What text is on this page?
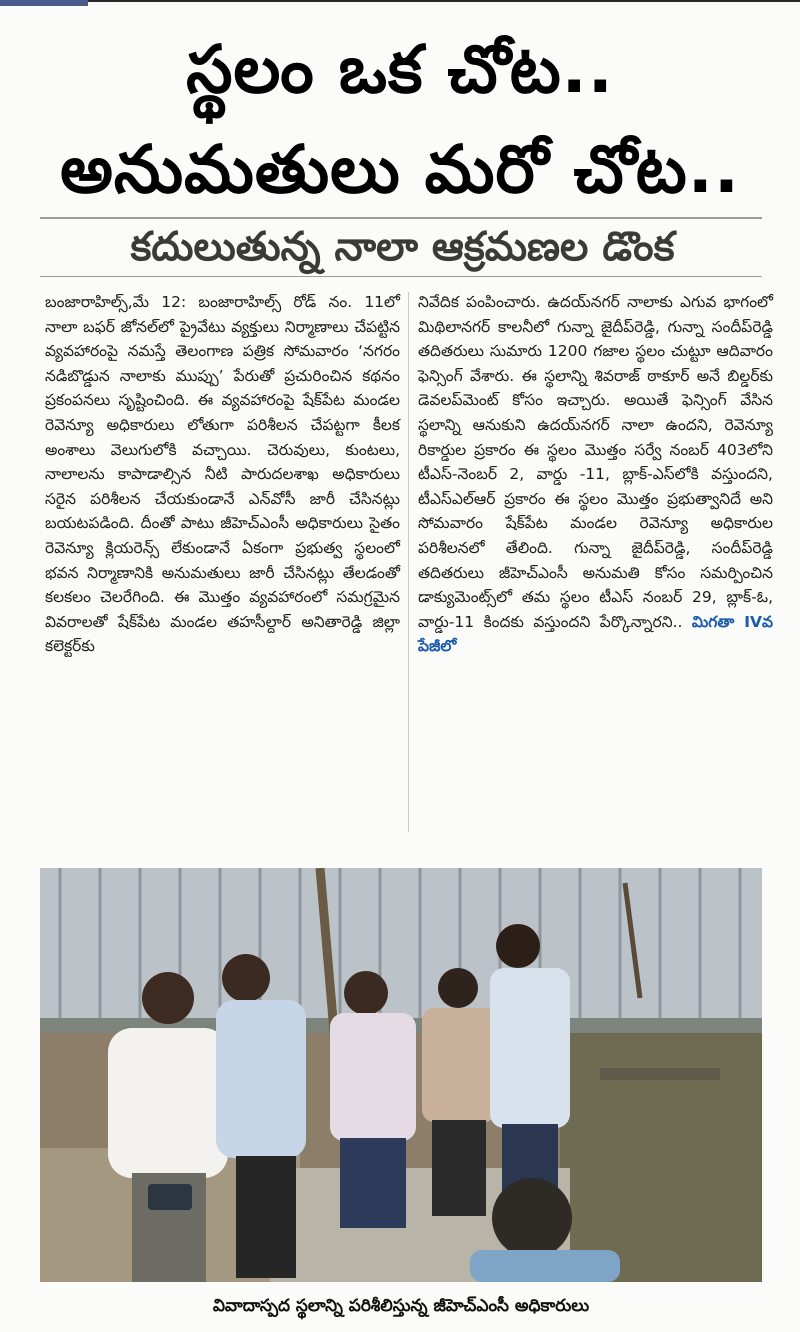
స్థలం ఒక చోట..
అనుమతులు మరో చోట..
కదులుతున్న నాలా ఆక్రమణల డొంక
బంజారాహిల్స్,మే 12: బంజారాహిల్స్ రోడ్ నం. 11లో నాలా బఫర్ జోనల్‌లో ప్రైవేటు వ్యక్తులు నిర్మాణాలు చేపట్టిన వ్యవహారంపై నమస్తే తెలంగాణ పత్రిక సోమవారం ‘నగరం నడిబొడ్డున నాలాకు ముప్పు’ పేరుతో ప్రచురించిన కథనం ప్రకంపనలు సృష్టించింది. ఈ వ్యవహారంపై షేక్‌పేట మండల రెవెన్యూ అధికారులు లోతుగా పరిశీలన చేపట్టగా కీలక అంశాలు వెలుగులోకి వచ్చాయి. చెరువులు, కుంటలు, నాలాలను కాపాడాల్సిన నీటి పారుదలశాఖ అధికారులు సరైన పరిశీలన చేయకుండానే ఎన్‌వోసీ జారీ చేసినట్లు బయటపడింది. దీంతో పాటు జీహెచ్‌ఎంసీ అధికారులు సైతం రెవెన్యూ క్లియరెన్స్ లేకుండానే ఏకంగా ప్రభుత్వ స్థలంలో భవన నిర్మాణానికి అనుమతులు జారీ చేసినట్లు తేలడంతో కలకలం చెలరేగింది. ఈ మొత్తం వ్యవహారంలో సమగ్రమైన వివరాలతో షేక్‌పేట మండల తహసీల్దార్ అనితారెడ్డి జిల్లా కలెక్టర్‌కు
నివేదిక పంపించారు. ఉదయ్‌నగర్ నాలాకు ఎగువ భాగంలో మిథిలానగర్ కాలనీలో గున్నా జైదీప్‌రెడ్డి, గున్నా సందీప్‌రెడ్డి తదితరులు సుమారు 1200 గజాల స్థలం చుట్టూ ఆదివారం ఫెన్సింగ్ వేశారు. ఈ స్థలాన్ని శివరాజ్ ఠాకూర్ అనే బిల్డర్‌కు డెవలప్‌మెంట్ కోసం ఇచ్చారు. అయితే ఫెన్సింగ్ వేసిన స్థలాన్ని ఆనుకుని ఉదయ్‌నగర్ నాలా ఉందని, రెవెన్యూ రికార్డుల ప్రకారం ఈ స్థలం మొత్తం సర్వే నంబర్ 403లోని టీఎస్-నెంబర్ 2, వార్డు -11, బ్లాక్-ఎస్‌లోకి వస్తుందని, టీఎస్‌ఎల్‌ఆర్ ప్రకారం ఈ స్థలం మొత్తం ప్రభుత్వానిదే అని సోమవారం షేక్‌పేట మండల రెవెన్యూ అధికారుల పరిశీలనలో తేలింది. గున్నా జైదీప్‌రెడ్డి, సందీప్‌రెడ్డి తదితరులు జీహెచ్‌ఎంసీ అనుమతి కోసం సమర్పించిన డాక్యుమెంట్స్‌లో తమ స్థలం టీఎస్ నంబర్ 29, బ్లాక్-ఓ, వార్డు-11 కిందకు వస్తుందని పేర్కొన్నారని.. మిగతా IVవ పేజీలో
వివాదాస్పద స్థలాన్ని పరిశీలిస్తున్న జీహెచ్‌ఎంసీ అధికారులు
